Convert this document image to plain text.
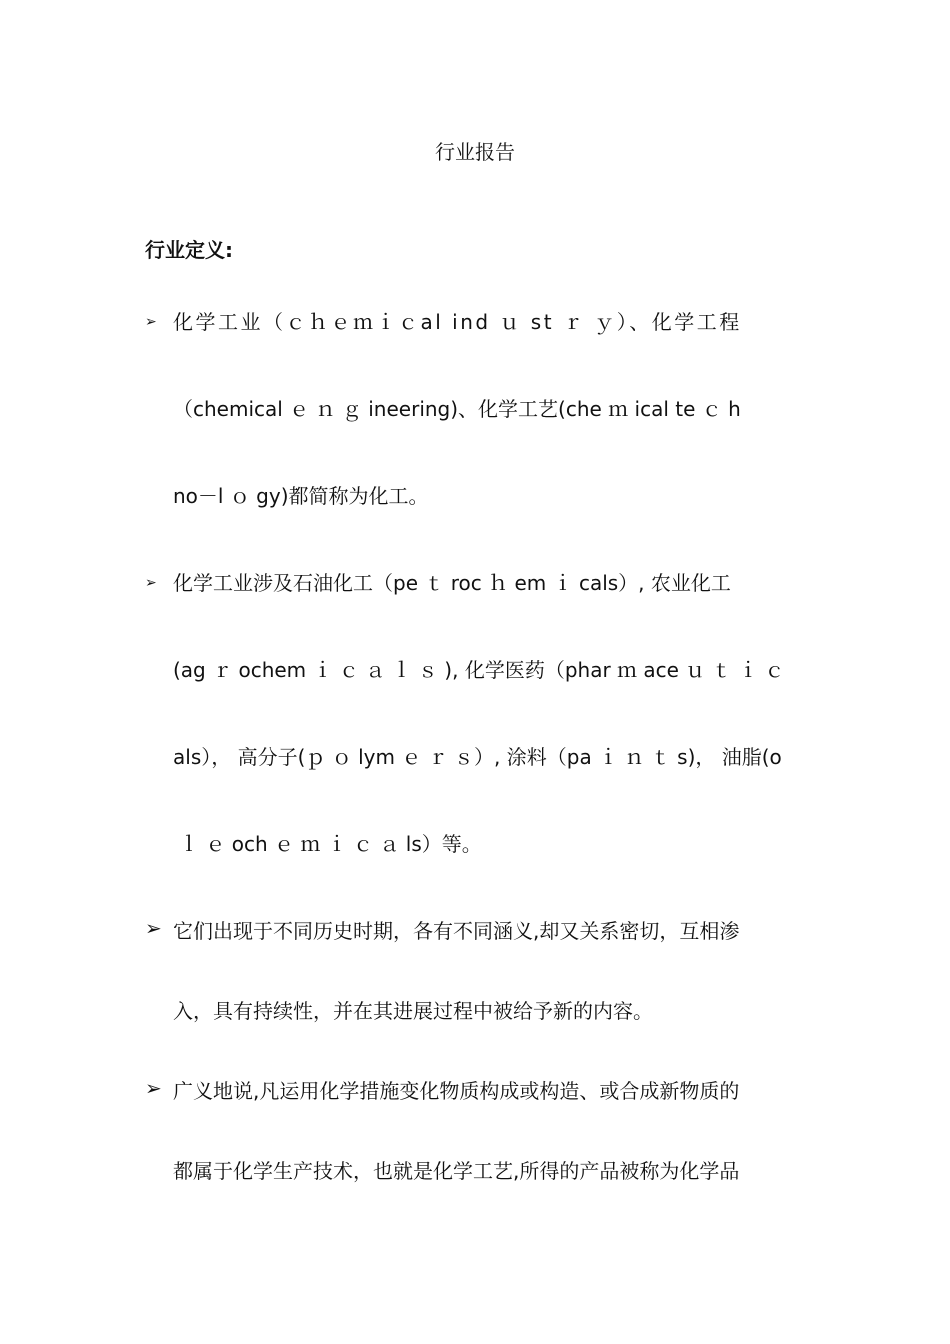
行业报告
行业定义:
➢ 化学工业（ｃｈｅｍｉｃal ind ｕ st ｒ ｙ）、化学工程
（chemical ｅ ｎ ｇ ineering)、化学工艺(che ｍ ical te ｃ h
no－l ｏ gy)都简称为化工。
➢ 化学工业涉及石油化工（pe ｔ roc ｈ em ｉ cals）, 农业化工
(ag ｒ ochem ｉ ｃ ａ ｌ ｓ ), 化学医药（phar ｍ ace ｕ ｔ ｉ ｃ
als）， 高分子(ｐ ｏ lym ｅ ｒ ｓ）, 涂料（pa ｉ ｎ ｔ s)， 油脂(o
ｌ ｅ och ｅ ｍ ｉ ｃ ａ ls）等。
➢ 它们出现于不同历史时期，各有不同涵义,却又关系密切，互相渗
入，具有持续性，并在其进展过程中被给予新的内容。
➢ 广义地说,凡运用化学措施变化物质构成或构造、或合成新物质的
都属于化学生产技术，也就是化学工艺,所得的产品被称为化学品
